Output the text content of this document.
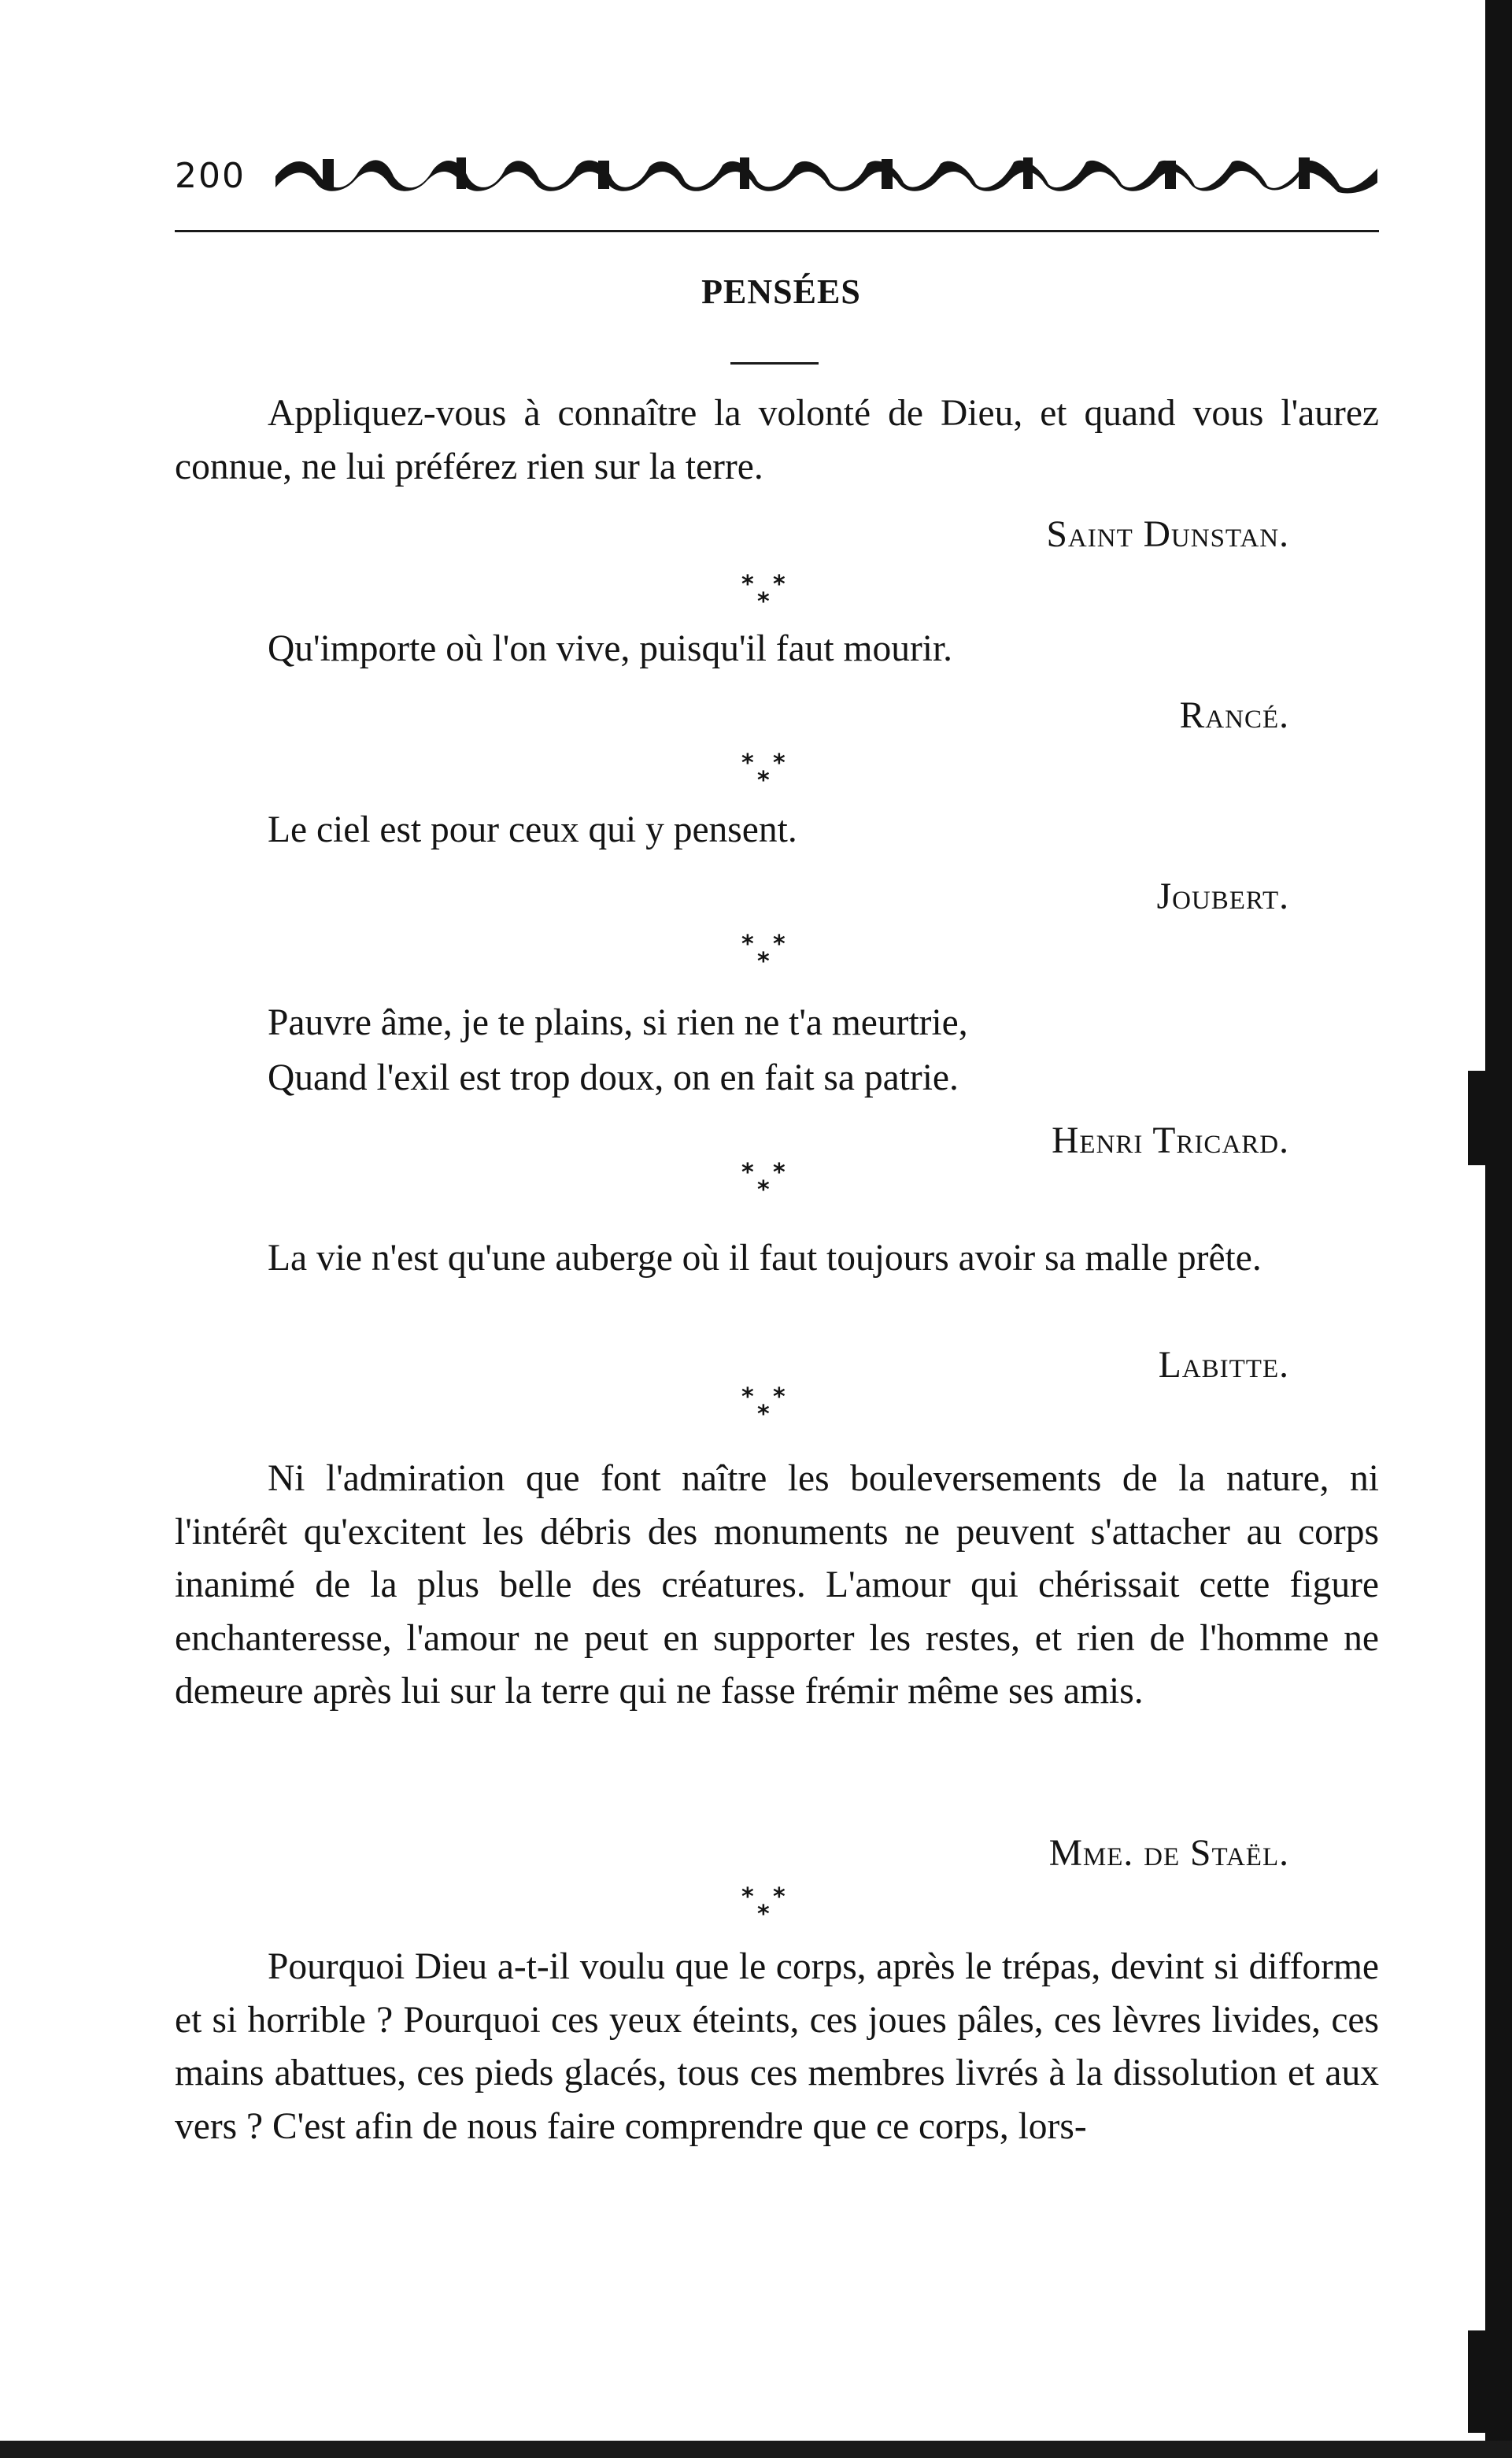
200
PENSÉES
Appliquez-vous à connaître la volonté de Dieu, et quand vous l'aurez connue, ne lui préférez rien sur la terre.
Saint Dunstan.
* *
*
Qu'importe où l'on vive, puisqu'il faut mourir.
Rancé.
* *
*
Le ciel est pour ceux qui y pensent.
Joubert.
* *
*
Pauvre âme, je te plains, si rien ne t'a meurtrie,
Quand l'exil est trop doux, on en fait sa patrie.
Henri Tricard.
* *
*
La vie n'est qu'une auberge où il faut toujours avoir sa malle prête.
Labitte.
* *
*
Ni l'admiration que font naître les bouleversements de la nature, ni l'intérêt qu'excitent les débris des monuments ne peuvent s'attacher au corps inanimé de la plus belle des créatures. L'amour qui chérissait cette figure enchanteresse, l'amour ne peut en supporter les restes, et rien de l'homme ne demeure après lui sur la terre qui ne fasse frémir même ses amis.
Mme. de Staël.
* *
*
Pourquoi Dieu a-t-il voulu que le corps, après le trépas, devint si difforme et si horrible ? Pourquoi ces yeux éteints, ces joues pâles, ces lèvres livides, ces mains abattues, ces pieds glacés, tous ces membres livrés à la dissolution et aux vers ? C'est afin de nous faire comprendre que ce corps, lors-
